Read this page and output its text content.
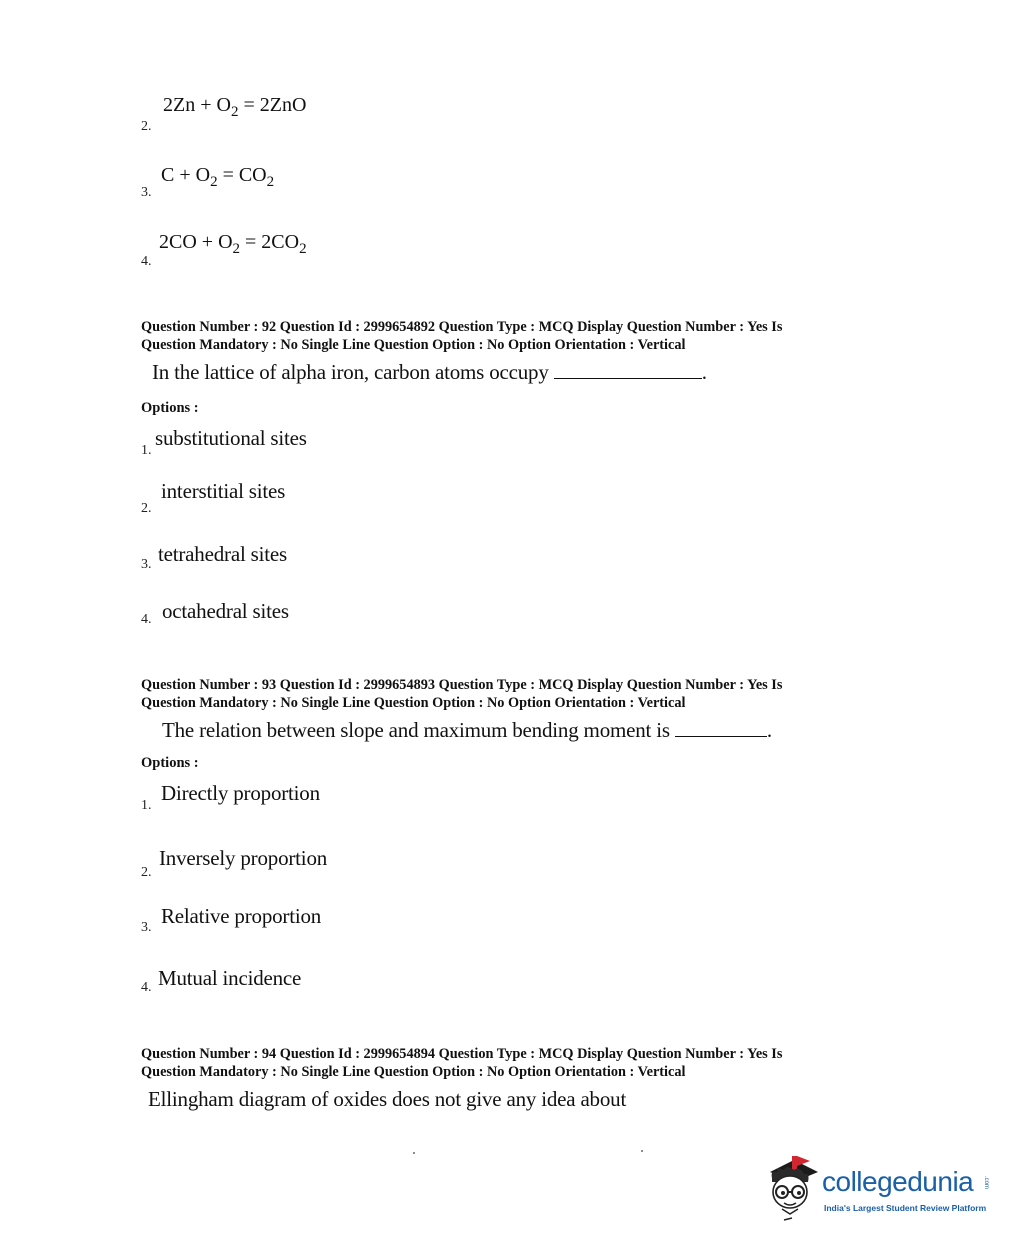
$2Zn + O_2 = 2ZnO$
2.
$C + O_2 = CO_2$
3.
$2CO + O_2 = 2CO_2$
4.
Question Number : 92 Question Id : 2999654892 Question Type : MCQ Display Question Number : Yes Is
Question Mandatory : No Single Line Question Option : No Option Orientation : Vertical
In the lattice of alpha iron, carbon atoms occupy	.
Options :
substitutional sites
1.
interstitial sites
2.
tetrahedral sites
3.
octahedral sites
4.
Question Number : 93 Question Id : 2999654893 Question Type : MCQ Display Question Number : Yes Is
Question Mandatory : No Single Line Question Option : No Option Orientation : Vertical
The relation between slope and maximum bending moment is	.
Options :
Directly proportion
1.
Inversely proportion
2.
Relative proportion
3.
Mutual incidence
4.
Question Number : 94 Question Id : 2999654894 Question Type : MCQ Display Question Number : Yes Is
Question Mandatory : No Single Line Question Option : No Option Orientation : Vertical
Ellingham diagram of oxides does not give any idea about
collegedunia .com
India's Largest Student Review Platform
